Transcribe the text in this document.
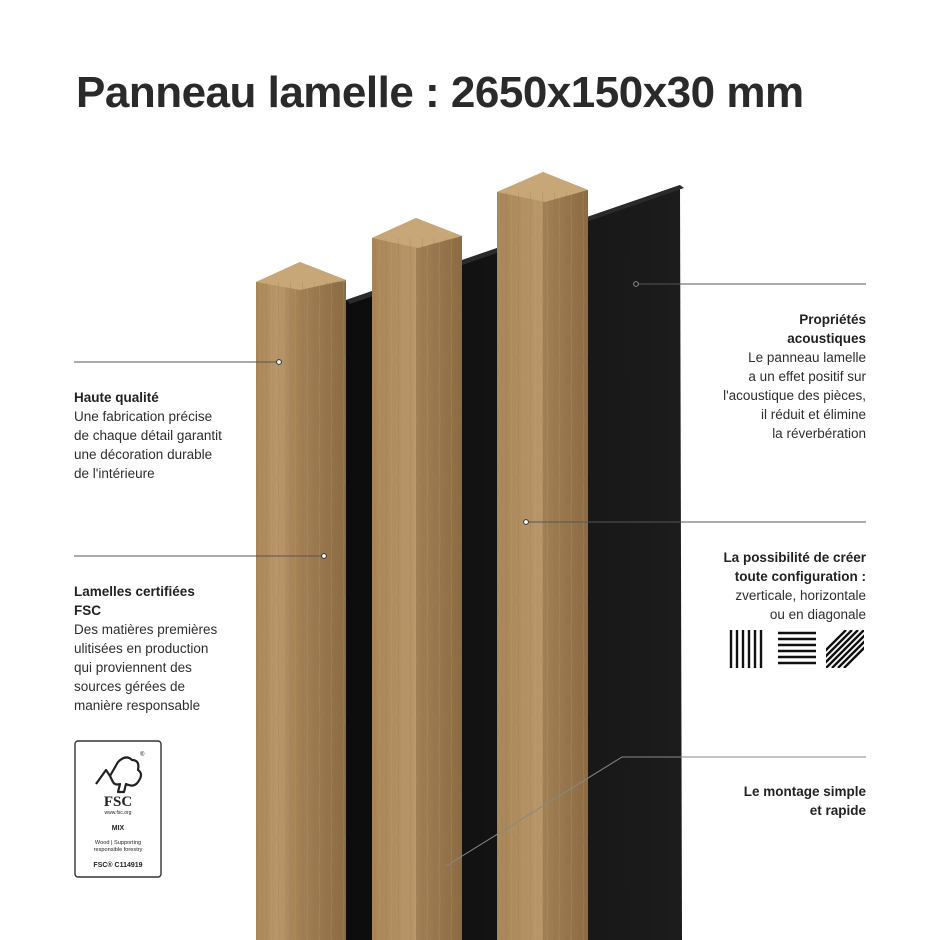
Panneau lamelle : 2650x150x30 mm
Haute qualité
Une fabrication précise
de chaque détail garantit
une décoration durable
de l'intérieure
Lamelles certifiées
FSC
Des matières premières
ulitisées en production
qui proviennent des
sources gérées de
manière responsable
®
FSC
www.fsc.org
MIX
Wood | Supporting
responsible forestry
FSC® C114919
Propriétés
acoustiques
Le panneau lamelle
a un effet positif sur
l'acoustique des pièces,
il réduit et élimine
la réverbération
La possibilité de créer
toute configuration :
zverticale, horizontale
ou en diagonale
Le montage simple
et rapide
